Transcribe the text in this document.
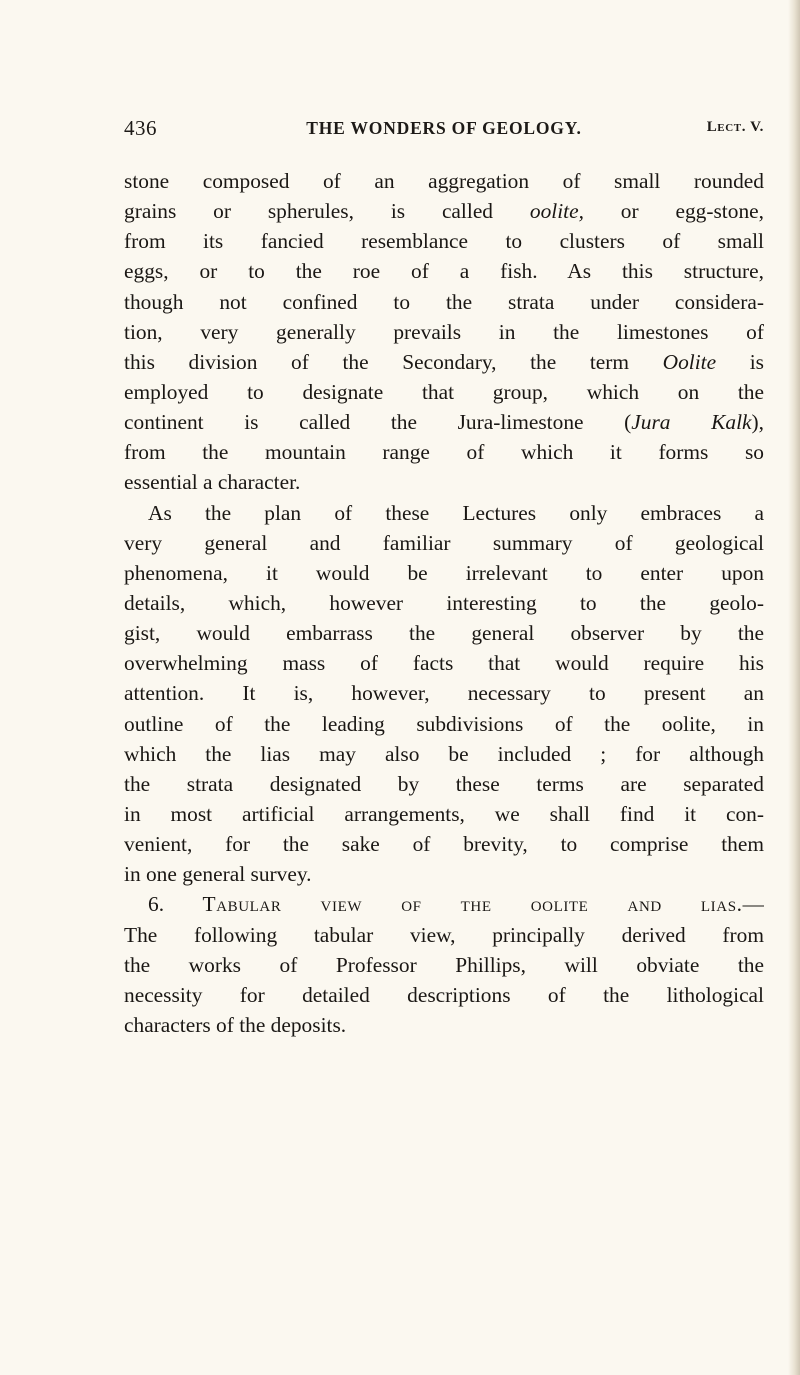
436	THE WONDERS OF GEOLOGY.	Lect. V.
stone composed of an aggregation of small rounded
grains or spherules, is called oolite, or egg-stone,
from its fancied resemblance to clusters of small
eggs, or to the roe of a fish. As this structure,
though not confined to the strata under considera-
tion, very generally prevails in the limestones of
this division of the Secondary, the term Oolite is
employed to designate that group, which on the
continent is called the Jura-limestone (Jura Kalk),
from the mountain range of which it forms so
essential a character.
As the plan of these Lectures only embraces a
very general and familiar summary of geological
phenomena, it would be irrelevant to enter upon
details, which, however interesting to the geolo-
gist, would embarrass the general observer by the
overwhelming mass of facts that would require his
attention. It is, however, necessary to present an
outline of the leading subdivisions of the oolite, in
which the lias may also be included ; for although
the strata designated by these terms are separated
in most artificial arrangements, we shall find it con-
venient, for the sake of brevity, to comprise them
in one general survey.
6. Tabular view of the oolite and lias.—
The following tabular view, principally derived from
the works of Professor Phillips, will obviate the
necessity for detailed descriptions of the lithological
characters of the deposits.
